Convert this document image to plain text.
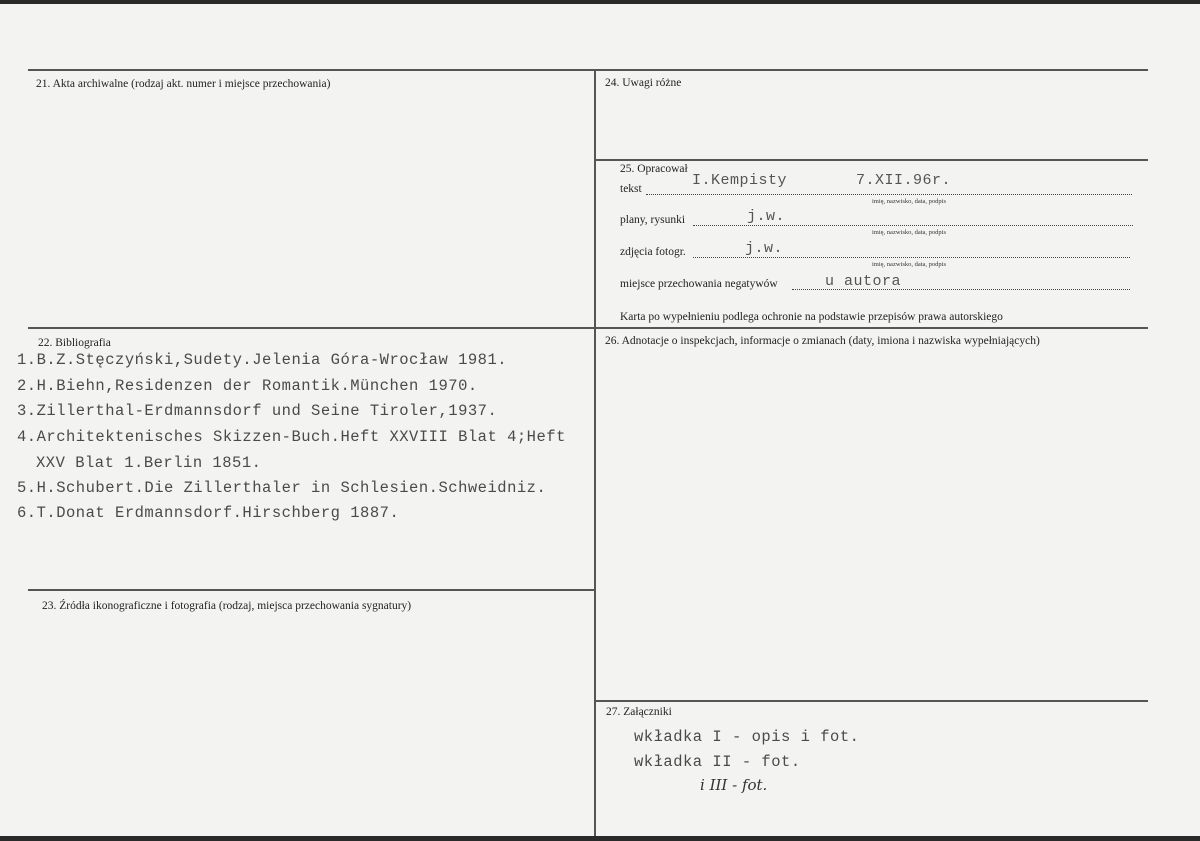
21. Akta archiwalne (rodzaj akt. numer i miejsce przechowania)	24. Uwagi różne
25. Opracował
tekst	I.Kempisty	7.XII.96r.
imię, nazwisko, data, podpis
plany, rysunki	j.w.
imię, nazwisko, data, podpis
zdjęcia fotogr.	j.w.
imię, nazwisko, data, podpis
miejsce przechowania negatywów	u autora
Karta po wypełnieniu podlega ochronie na podstawie przepisów prawa autorskiego
22. Bibliografia
1.B.Z.Stęczyński,Sudety.Jelenia Góra-Wrocław 1981.
2.H.Biehn,Residenzen der Romantik.München 1970.
3.Zillerthal-Erdmannsdorf und Seine Tiroler,1937.
4.Architektenisches Skizzen-Buch.Heft XXVIII Blat 4;Heft
XXV Blat 1.Berlin 1851.
5.H.Schubert.Die Zillerthaler in Schlesien.Schweidniz.
6.T.Donat Erdmannsdorf.Hirschberg 1887.
26. Adnotacje o inspekcjach, informacje o zmianach (daty, imiona i nazwiska wypełniających)
23. Źródła ikonograficzne i fotografia (rodzaj, miejsca przechowania sygnatury)
27. Załączniki
wkładka I - opis i fot.
wkładka II - fot.
i III - fot.
